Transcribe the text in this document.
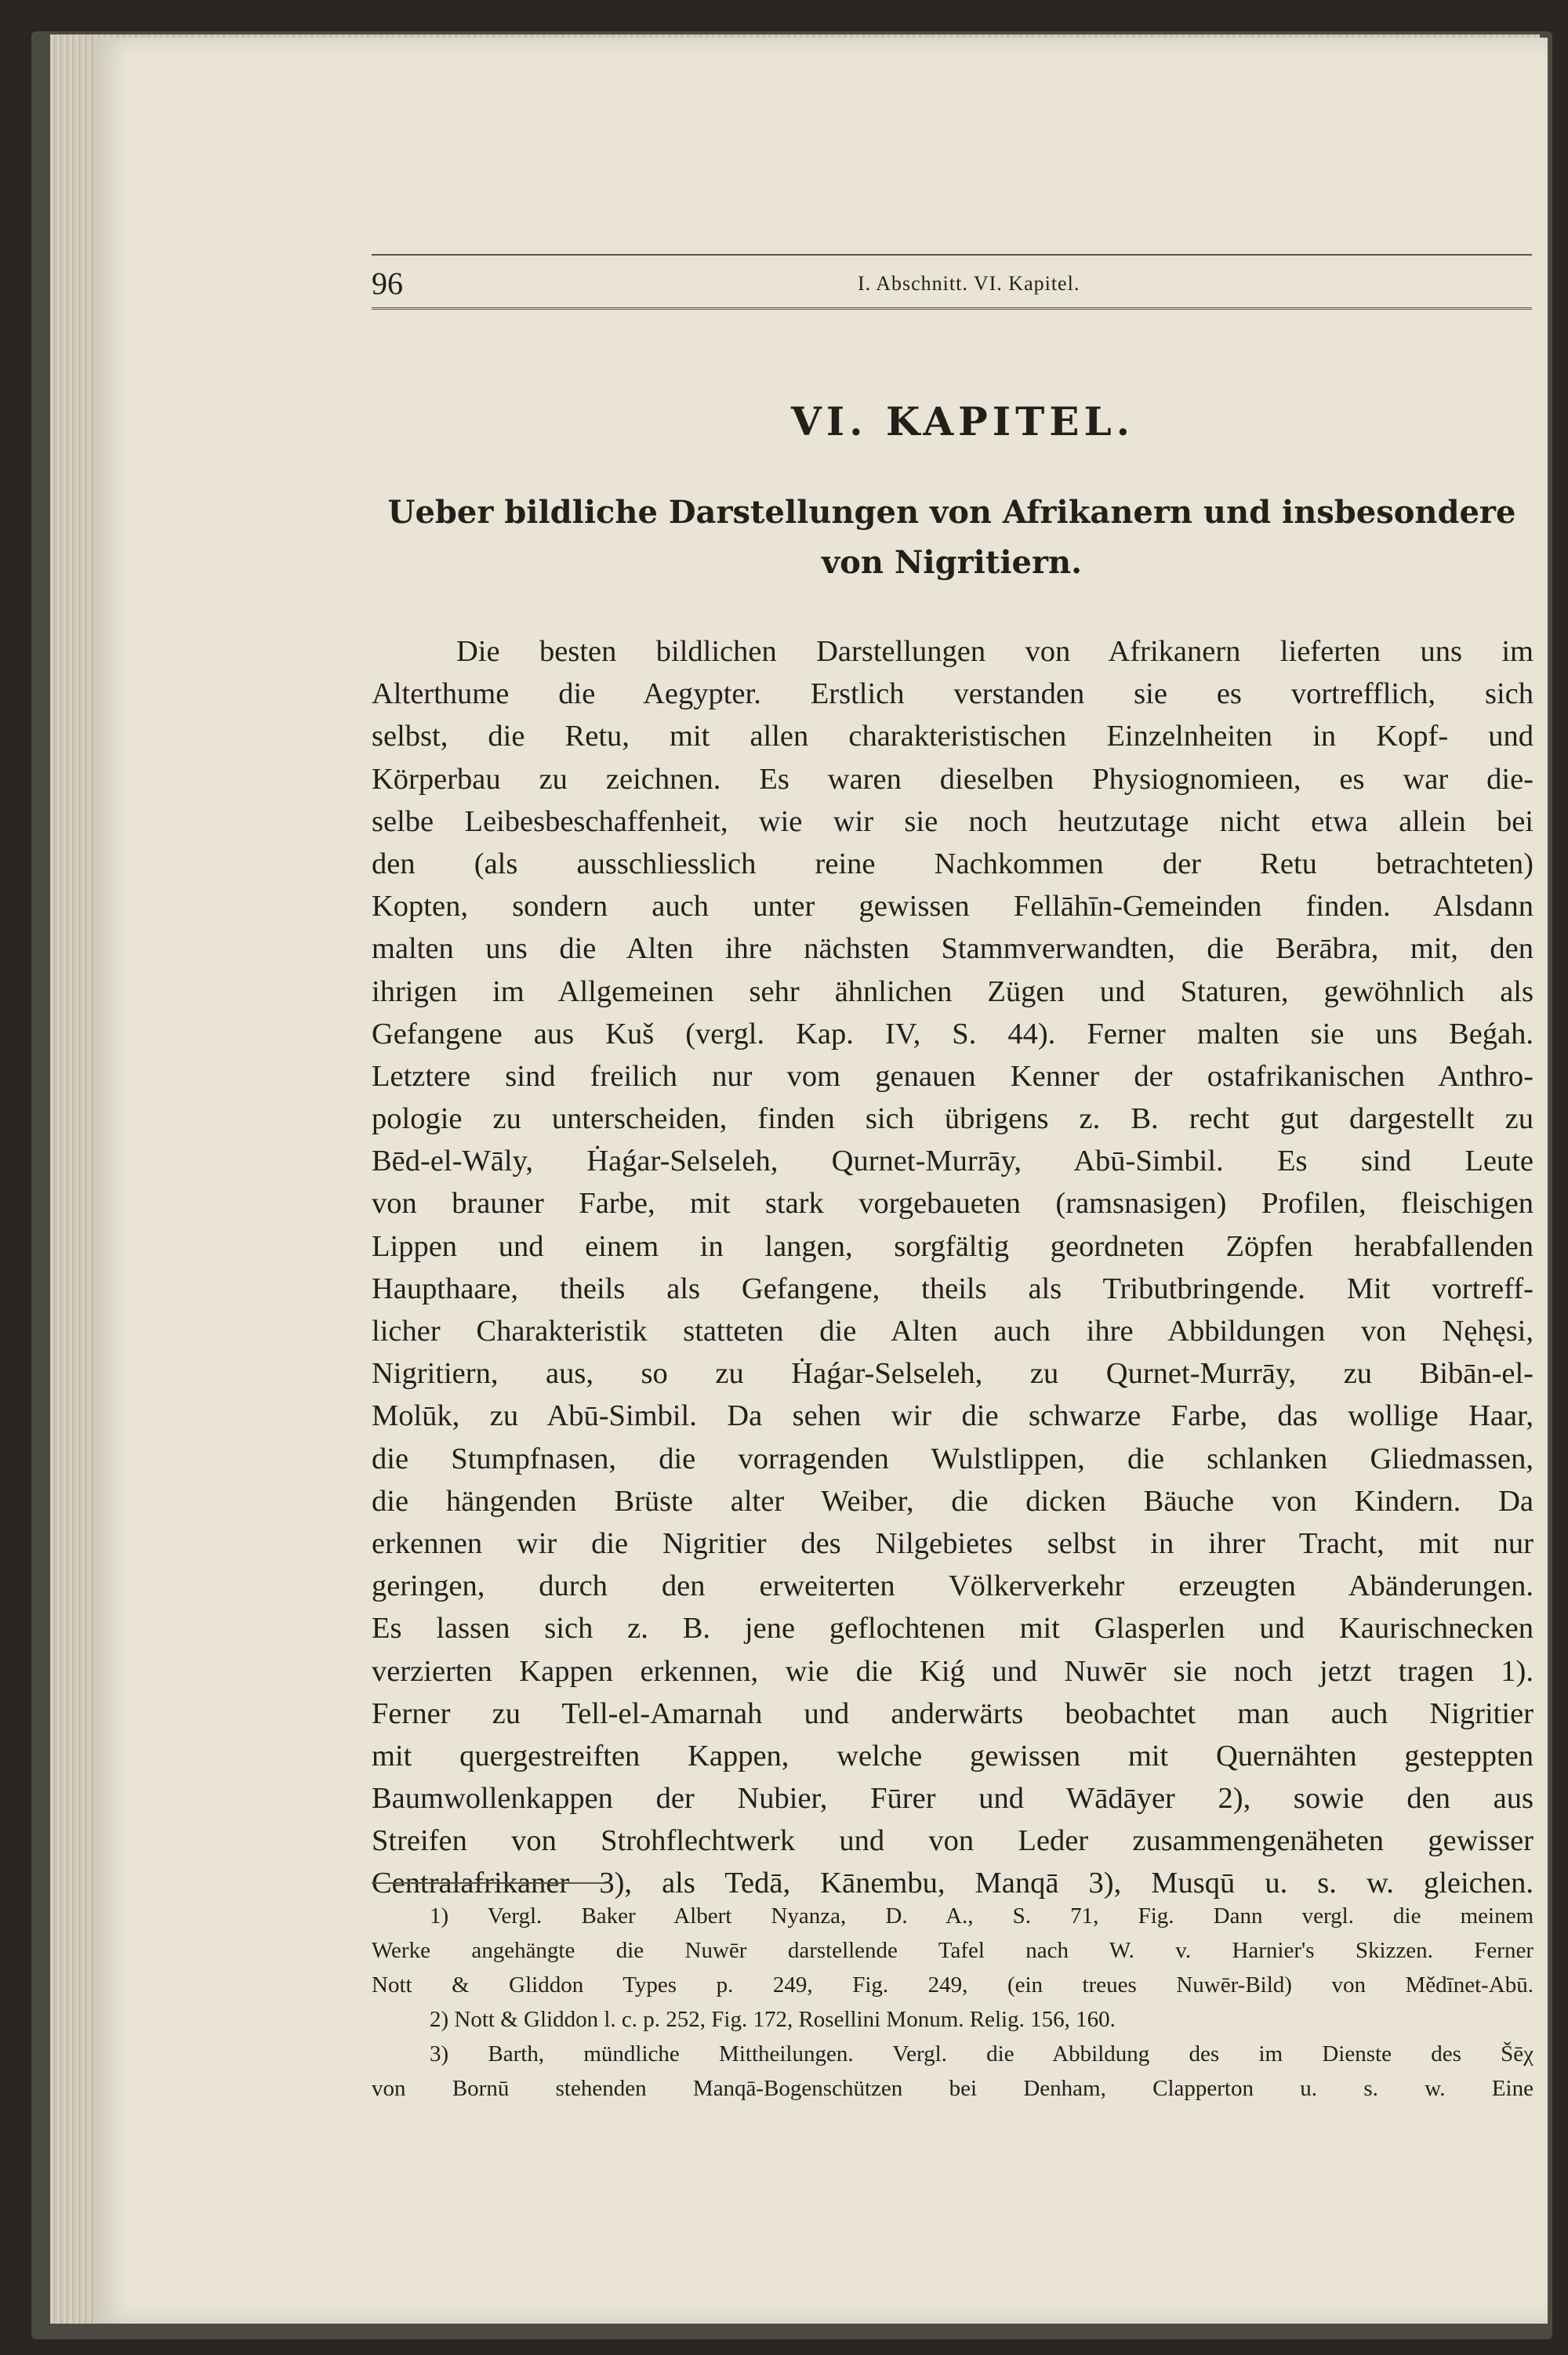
96	I. Abschnitt. VI. Kapitel.
VI. KAPITEL.
Ueber bildliche Darstellungen von Afrikanern und insbesondere
von Nigritiern.
Die besten bildlichen Darstellungen von Afrikanern lieferten uns im
Alterthume die Aegypter. Erstlich verstanden sie es vortrefflich, sich
selbst, die Retu, mit allen charakteristischen Einzelnheiten in Kopf- und
Körperbau zu zeichnen. Es waren dieselben Physiognomieen, es war die-
selbe Leibesbeschaffenheit, wie wir sie noch heutzutage nicht etwa allein bei
den (als ausschliesslich reine Nachkommen der Retu betrachteten)
Kopten, sondern auch unter gewissen Fellāhīn-Gemeinden finden. Alsdann
malten uns die Alten ihre nächsten Stammverwandten, die Berābra, mit, den
ihrigen im Allgemeinen sehr ähnlichen Zügen und Staturen, gewöhnlich als
Gefangene aus Kuš (vergl. Kap. IV, S. 44). Ferner malten sie uns Beǵah.
Letztere sind freilich nur vom genauen Kenner der ostafrikanischen Anthro-
pologie zu unterscheiden, finden sich übrigens z. B. recht gut dargestellt zu
Bēd-el-Wāly, Ḣaǵar-Selseleh, Qurnet-Murrāy, Abū-Simbil. Es sind Leute
von brauner Farbe, mit stark vorgebaueten (ramsnasigen) Profilen, fleischigen
Lippen und einem in langen, sorgfältig geordneten Zöpfen herabfallenden
Haupthaare, theils als Gefangene, theils als Tributbringende. Mit vortreff-
licher Charakteristik statteten die Alten auch ihre Abbildungen von Nęhęsi,
Nigritiern, aus, so zu Ḣaǵar-Selseleh, zu Qurnet-Murrāy, zu Bibān-el-
Molūk, zu Abū-Simbil. Da sehen wir die schwarze Farbe, das wollige Haar,
die Stumpfnasen, die vorragenden Wulstlippen, die schlanken Gliedmassen,
die hängenden Brüste alter Weiber, die dicken Bäuche von Kindern. Da
erkennen wir die Nigritier des Nilgebietes selbst in ihrer Tracht, mit nur
geringen, durch den erweiterten Völkerverkehr erzeugten Abänderungen.
Es lassen sich z. B. jene geflochtenen mit Glasperlen und Kaurischnecken
verzierten Kappen erkennen, wie die Kiǵ und Nuwēr sie noch jetzt tragen 1).
Ferner zu Tell-el-Amarnah und anderwärts beobachtet man auch Nigritier
mit quergestreiften Kappen, welche gewissen mit Quernähten gesteppten
Baumwollenkappen der Nubier, Fūrer und Wādāyer 2), sowie den aus
Streifen von Strohflechtwerk und von Leder zusammengenäheten gewisser
Centralafrikaner 3), als Tedā, Kānembu, Manqā 3), Musqū u. s. w. gleichen.
1) Vergl. Baker Albert Nyanza, D. A., S. 71, Fig. Dann vergl. die meinem
Werke angehängte die Nuwēr darstellende Tafel nach W. v. Harnier's Skizzen. Ferner
Nott & Gliddon Types p. 249, Fig. 249, (ein treues Nuwēr-Bild) von Mědīnet-Abū.
2) Nott & Gliddon l. c. p. 252, Fig. 172, Rosellini Monum. Relig. 156, 160.
3) Barth, mündliche Mittheilungen. Vergl. die Abbildung des im Dienste des Šēχ
von Bornū stehenden Manqā-Bogenschützen bei Denham, Clapperton u. s. w. Eine
